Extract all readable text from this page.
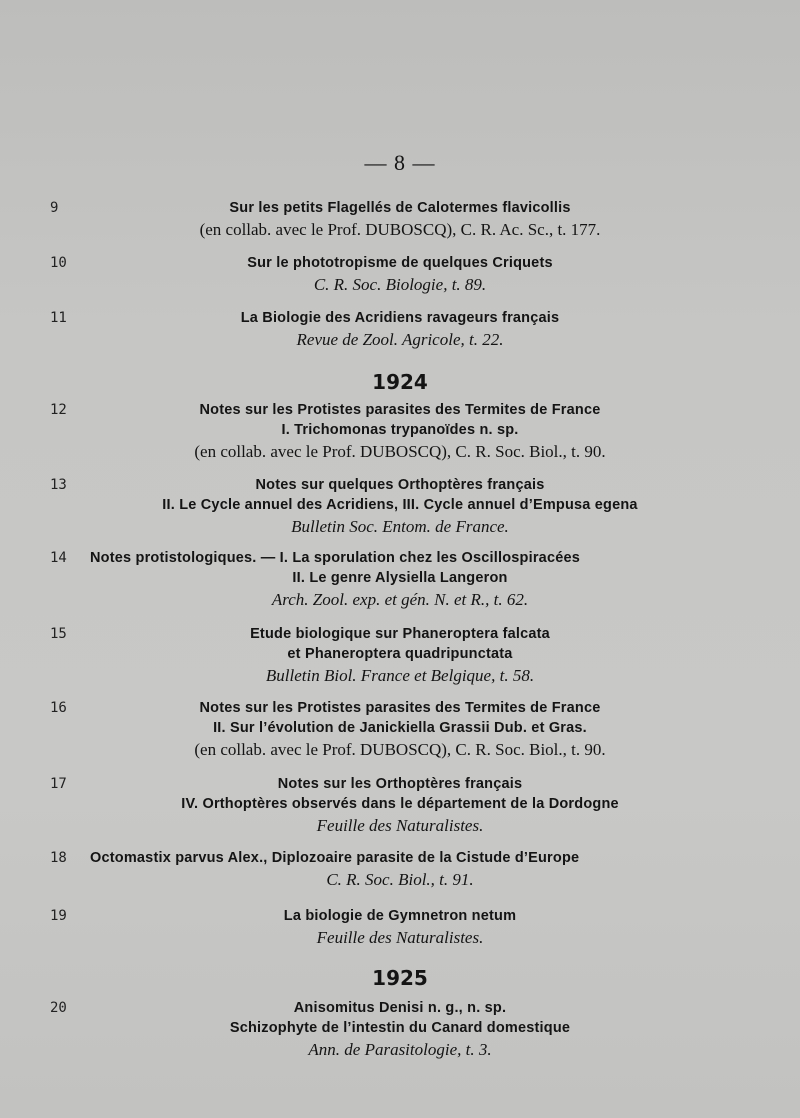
— 8 —
9	Sur les petits Flagellés de Calotermes flavicollis
(en collab. avec le Prof. DUBOSCQ), C. R. Ac. Sc., t. 177.
10	Sur le phototropisme de quelques Criquets
C. R. Soc. Biologie, t. 89.
11	La Biologie des Acridiens ravageurs français
Revue de Zool. Agricole, t. 22.
1924
12	Notes sur les Protistes parasites des Termites de France
I. Trichomonas trypanoïdes n. sp.
(en collab. avec le Prof. DUBOSCQ), C. R. Soc. Biol., t. 90.
13	Notes sur quelques Orthoptères français
II. Le Cycle annuel des Acridiens, III. Cycle annuel d’Empusa egena
Bulletin Soc. Entom. de France.
14	Notes protistologiques. — I. La sporulation chez les Oscillospiracées
II. Le genre Alysiella Langeron
Arch. Zool. exp. et gén. N. et R., t. 62.
15	Etude biologique sur Phaneroptera falcata
et Phaneroptera quadripunctata
Bulletin Biol. France et Belgique, t. 58.
16	Notes sur les Protistes parasites des Termites de France
II. Sur l’évolution de Janickiella Grassii Dub. et Gras.
(en collab. avec le Prof. DUBOSCQ), C. R. Soc. Biol., t. 90.
17	Notes sur les Orthoptères français
IV. Orthoptères observés dans le département de la Dordogne
Feuille des Naturalistes.
18	Octomastix parvus Alex., Diplozoaire parasite de la Cistude d’Europe
C. R. Soc. Biol., t. 91.
19	La biologie de Gymnetron netum
Feuille des Naturalistes.
1925
20	Anisomitus Denisi n. g., n. sp.
Schizophyte de l’intestin du Canard domestique
Ann. de Parasitologie, t. 3.
